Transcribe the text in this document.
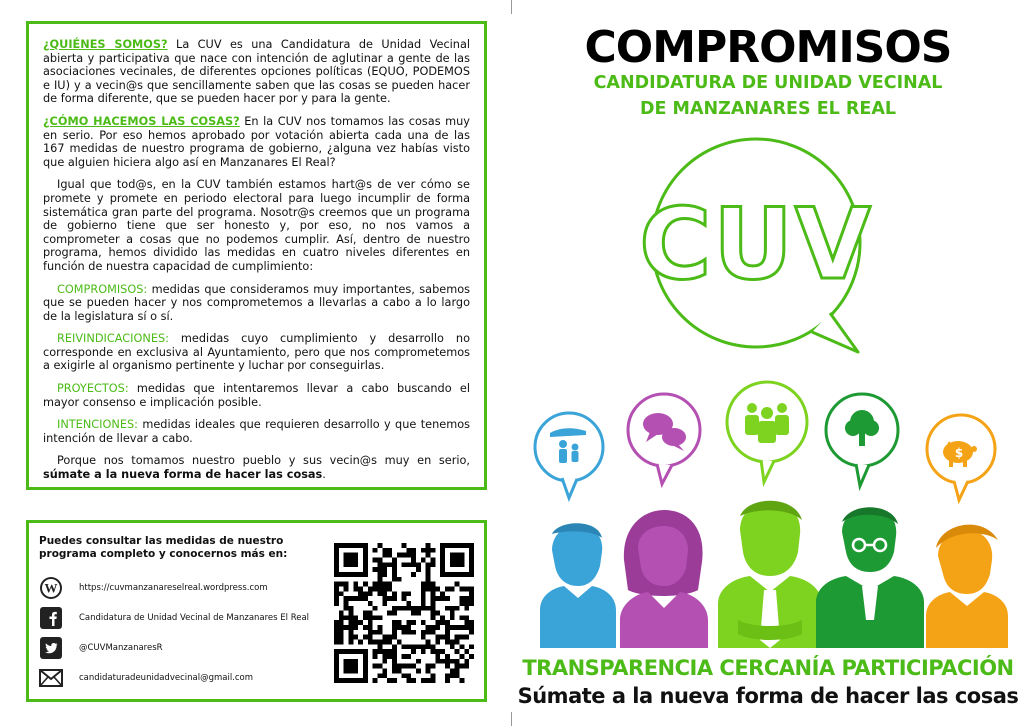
¿QUIÉNES SOMOS? La CUV es una Candidatura de Unidad Vecinal abierta y participativa que nace con intención de aglutinar a gente de las asociaciones vecinales, de diferentes opciones políticas (EQUO, PODEMOS e IU) y a vecin@s que sencillamente saben que las cosas se pueden hacer de forma diferente, que se pueden hacer por y para la gente.

¿CÓMO HACEMOS LAS COSAS? En la CUV nos tomamos las cosas muy en serio. Por eso hemos aprobado por votación abierta cada una de las 167 medidas de nuestro programa de gobierno, ¿alguna vez habías visto que alguien hiciera algo así en Manzanares El Real?

Igual que tod@s, en la CUV también estamos hart@s de ver cómo se promete y promete en periodo electoral para luego incumplir de forma sistemática gran parte del programa. Nosotr@s creemos que un programa de gobierno tiene que ser honesto y, por eso, no nos vamos a comprometer a cosas que no podemos cumplir. Así, dentro de nuestro programa, hemos dividido las medidas en cuatro niveles diferentes en función de nuestra capacidad de cumplimiento:

COMPROMISOS: medidas que consideramos muy importantes, sabemos que se pueden hacer y nos comprometemos a llevarlas a cabo a lo largo de la legislatura sí o sí.

REIVINDICACIONES: medidas cuyo cumplimiento y desarrollo no corresponde en exclusiva al Ayuntamiento, pero que nos comprometemos a exigirle al organismo pertinente y luchar por conseguirlas.

PROYECTOS: medidas que intentaremos llevar a cabo buscando el mayor consenso e implicación posible.

INTENCIONES: medidas ideales que requieren desarrollo y que tenemos intención de llevar a cabo.

Porque nos tomamos nuestro pueblo y sus vecin@s muy en serio, súmate a la nueva forma de hacer las cosas.

Puedes consultar las medidas de nuestro programa completo y conocernos más en:

W	https://cuvmanzanareselreal.wordpress.com
Candidatura de Unidad Vecinal de Manzanares El Real
@CUVManzanaresR
candidaturadeunidadvecinal@gmail.com
COMPROMISOS
CANDIDATURA DE UNIDAD VECINAL
DE MANZANARES EL REAL
CUV
$
TRANSPARENCIA CERCANÍA PARTICIPACIÓN
Súmate a la nueva forma de hacer las cosas
